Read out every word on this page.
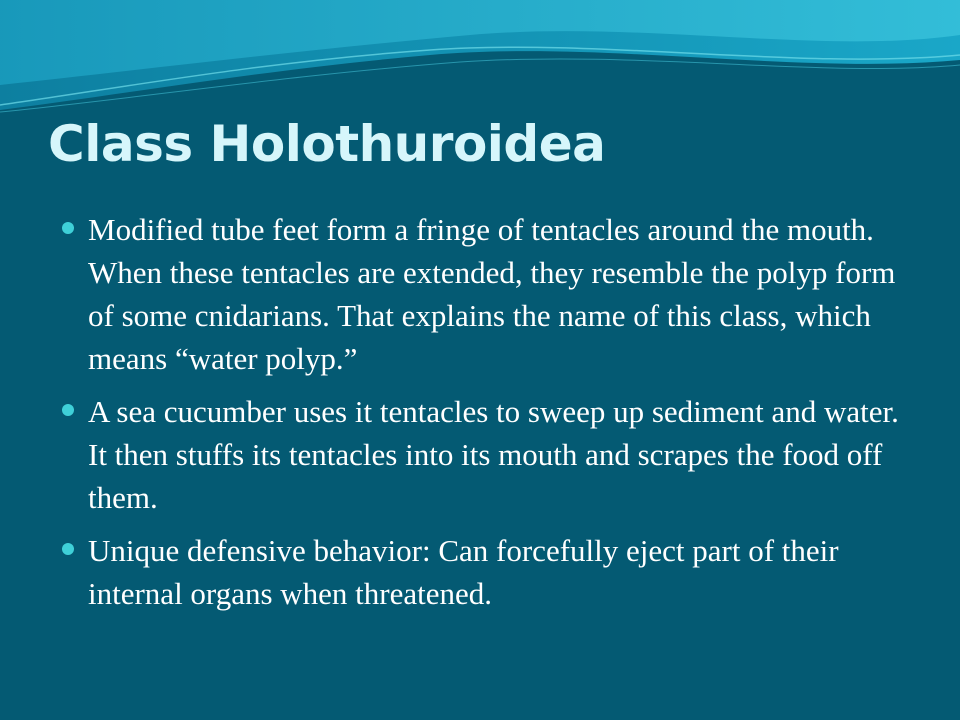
Class Holothuroidea
Modified tube feet form a fringe of tentacles around the mouth. When these tentacles are extended, they resemble the polyp form of some cnidarians. That explains the name of this class, which means “water polyp.”
A sea cucumber uses it tentacles to sweep up sediment and water. It then stuffs its tentacles into its mouth and scrapes the food off them.
Unique defensive behavior: Can forcefully eject part of their internal organs when threatened.
